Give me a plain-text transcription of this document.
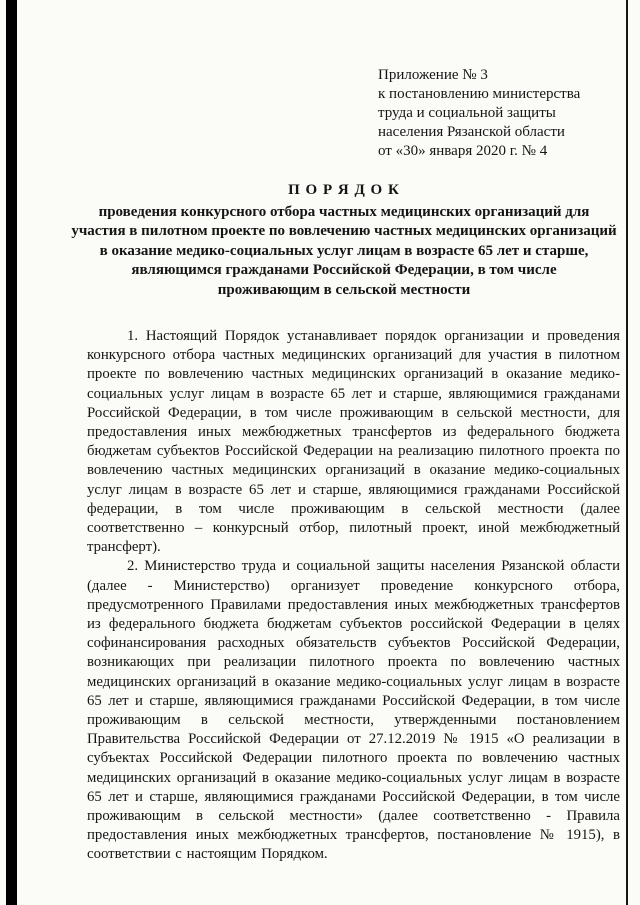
Приложение № 3
к постановлению министерства
труда и социальной защиты
населения Рязанской области
от «30» января 2020 г. № 4
П О Р Я Д О К
проведения конкурсного отбора частных медицинских организаций для
участия в пилотном проекте по вовлечению частных медицинских организаций
в оказание медико-социальных услуг лицам в возрасте 65 лет и старше,
являющимся гражданами Российской Федерации, в том числе
проживающим в сельской местности

1. Настоящий Порядок устанавливает порядок организации и проведения конкурсного отбора частных медицинских организаций для участия в пилотном проекте по вовлечению частных медицинских организаций в оказание медико-социальных услуг лицам в возрасте 65 лет и старше, являющимися гражданами Российской Федерации, в том числе проживающим в сельской местности, для предоставления иных межбюджетных трансфертов из федерального бюджета бюджетам субъектов Российской Федерации на реализацию пилотного проекта по вовлечению частных медицинских организаций в оказание медико-социальных услуг лицам в возрасте 65 лет и старше, являющимися гражданами Российской федерации, в том числе проживающим в сельской местности (далее соответственно – конкурсный отбор, пилотный проект, иной межбюджетный трансферт).

2. Министерство труда и социальной защиты населения Рязанской области (далее - Министерство) организует проведение конкурсного отбора, предусмотренного Правилами предоставления иных межбюджетных трансфертов из федерального бюджета бюджетам субъектов российской Федерации в целях софинансирования расходных обязательств субъектов Российской Федерации, возникающих при реализации пилотного проекта по вовлечению частных медицинских организаций в оказание медико-социальных услуг лицам в возрасте 65 лет и старше, являющимися гражданами Российской Федерации, в том числе проживающим в сельской местности, утвержденными постановлением Правительства Российской Федерации от 27.12.2019 № 1915 «О реализации в субъектах Российской Федерации пилотного проекта по вовлечению частных медицинских организаций в оказание медико-социальных услуг лицам в возрасте 65 лет и старше, являющимися гражданами Российской Федерации, в том числе проживающим в сельской местности» (далее соответственно - Правила предоставления иных межбюджетных трансфертов, постановление № 1915), в соответствии с настоящим Порядком.
